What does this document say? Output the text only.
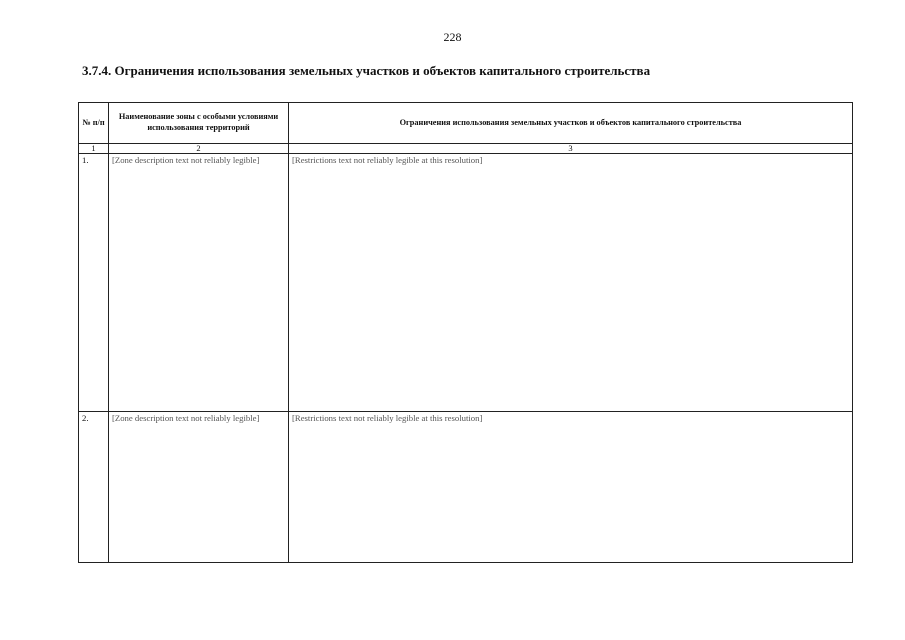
228
3.7.4. Ограничения использования земельных участков и объектов капитального строительства
№ п/п	Наименование зоны с особыми условиями использования территорий	Ограничения использования земельных участков и объектов капитального строительства
1	2	3
1.	[Zone description text not reliably legible]	[Restrictions text not reliably legible at this resolution]

2.	[Zone description text not reliably legible]	[Restrictions text not reliably legible at this resolution]
